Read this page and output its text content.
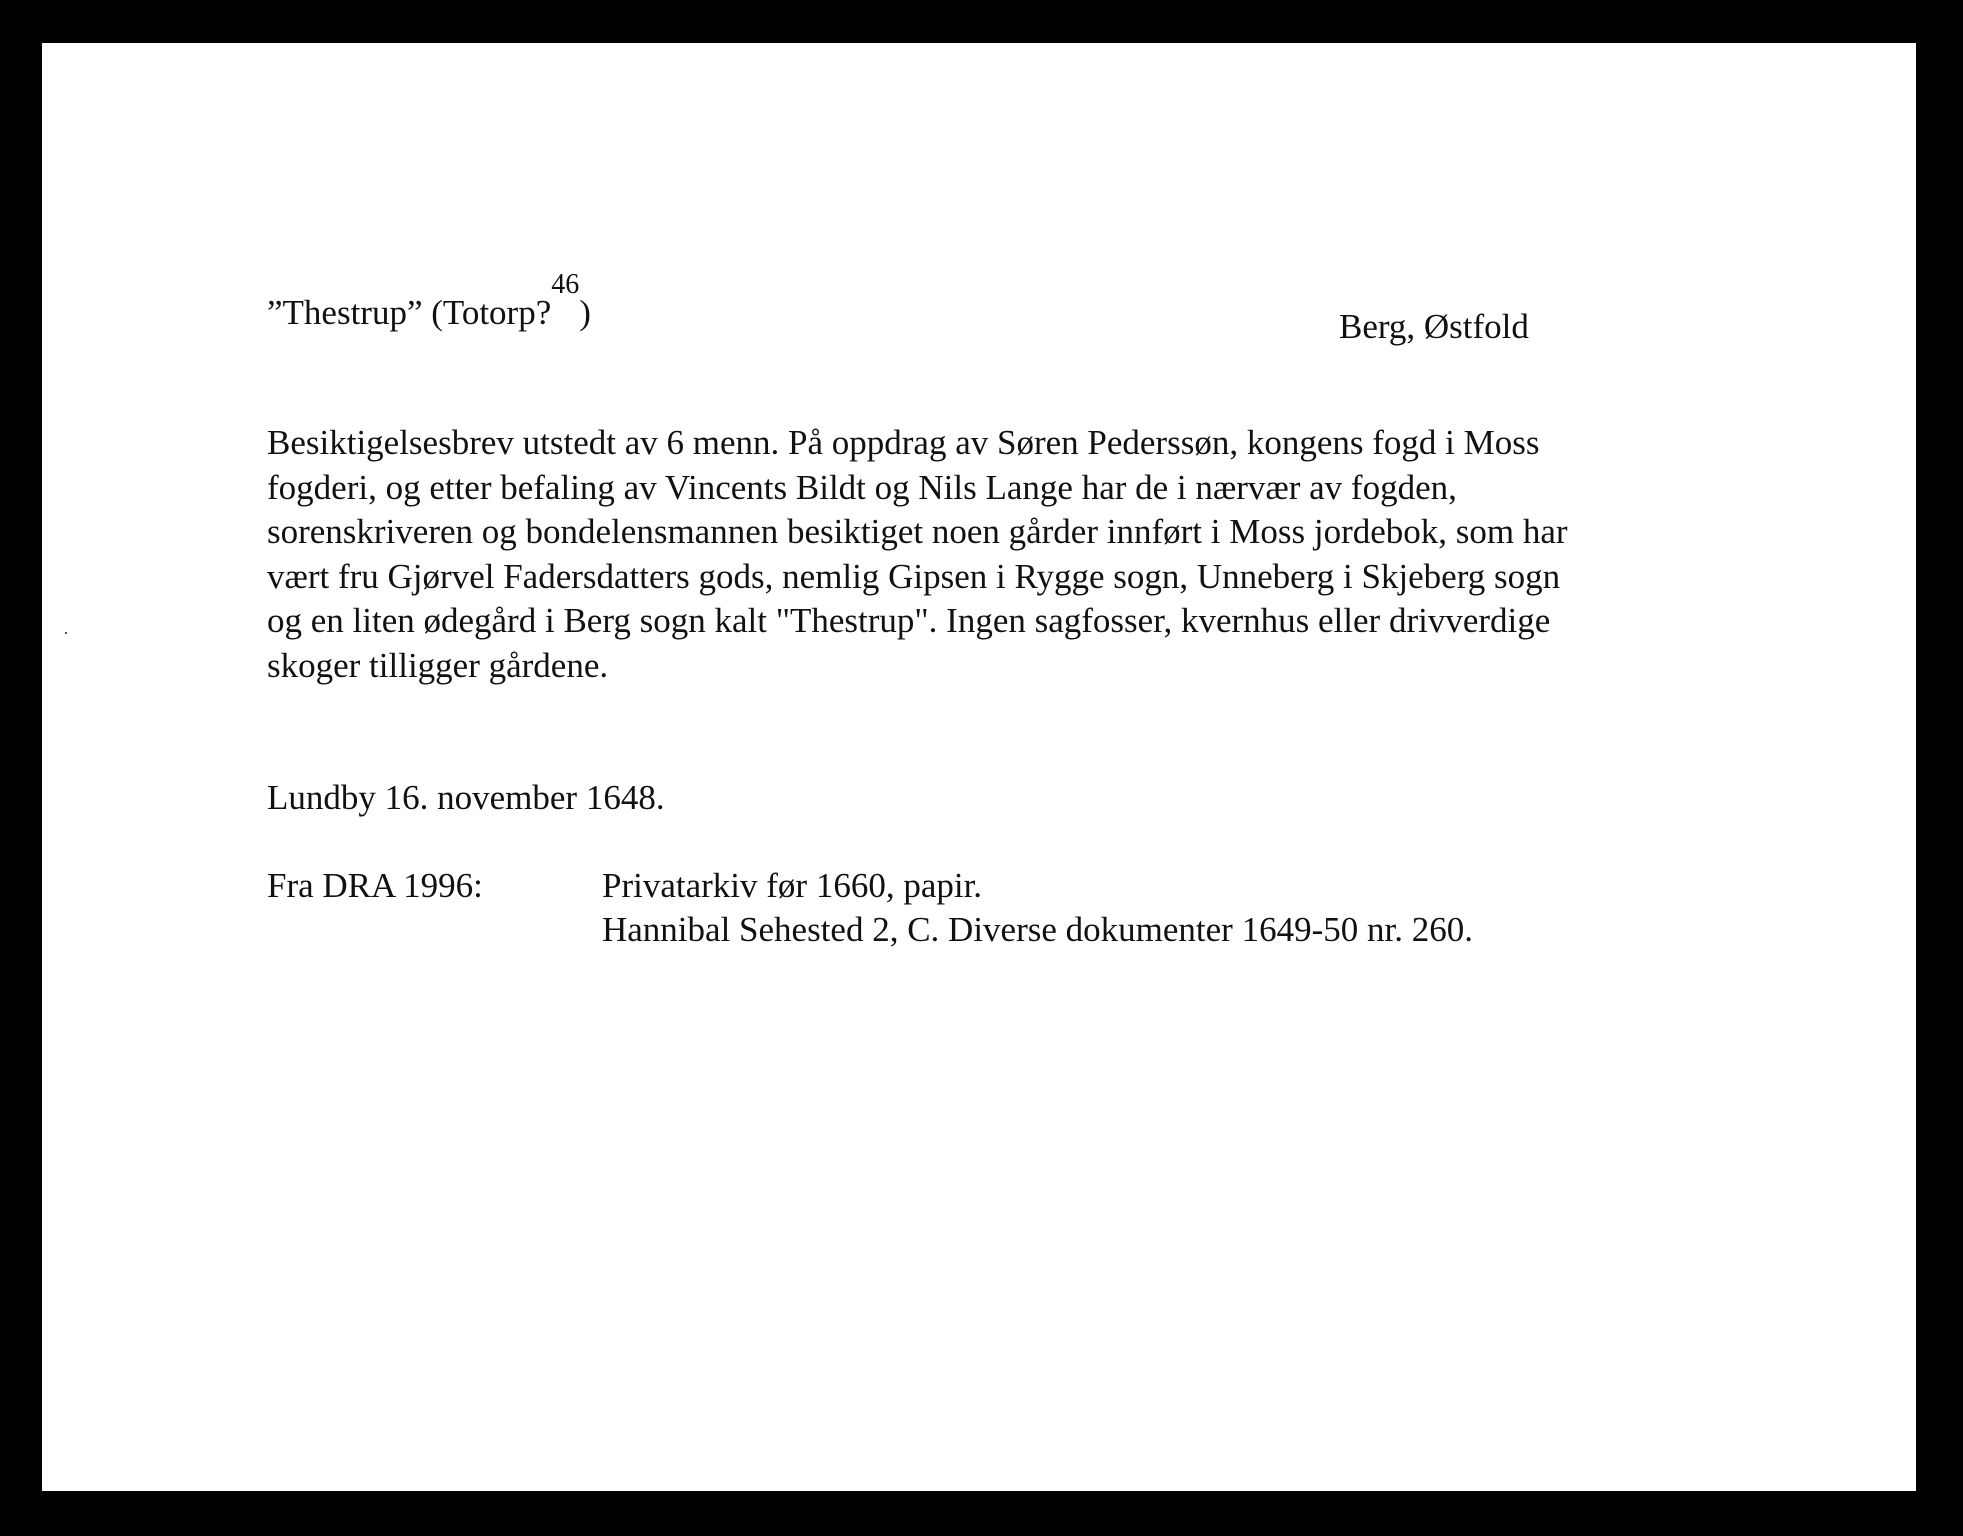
”Thestrup” (Totorp?$^{46}$)	Berg, Østfold
Besiktigelsesbrev utstedt av 6 menn. På oppdrag av Søren Pederssøn, kongens fogd i Moss
fogderi, og etter befaling av Vincents Bildt og Nils Lange har de i nærvær av fogden,
sorenskriveren og bondelensmannen besiktiget noen gårder innført i Moss jordebok, som har
vært fru Gjørvel Fadersdatters gods, nemlig Gipsen i Rygge sogn, Unneberg i Skjeberg sogn
og en liten ødegård i Berg sogn kalt "Thestrup". Ingen sagfosser, kvernhus eller drivverdige
skoger tilligger gårdene.
Lundby 16. november 1648.
Fra DRA 1996:	Privatarkiv før 1660, papir.
Hannibal Sehested 2, C. Diverse dokumenter 1649-50 nr. 260.
